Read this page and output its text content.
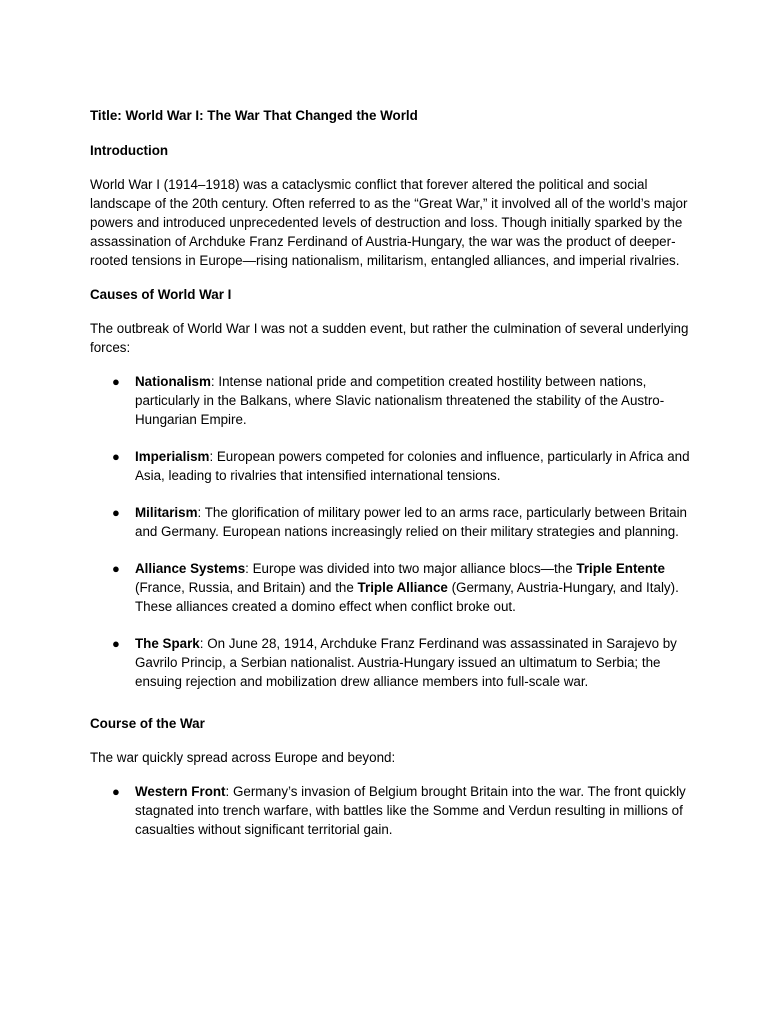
Title: World War I: The War That Changed the World

Introduction

World War I (1914–1918) was a cataclysmic conflict that forever altered the political and social landscape of the 20th century. Often referred to as the “Great War,” it involved all of the world’s major powers and introduced unprecedented levels of destruction and loss. Though initially sparked by the assassination of Archduke Franz Ferdinand of Austria-Hungary, the war was the product of deeper-rooted tensions in Europe—rising nationalism, militarism, entangled alliances, and imperial rivalries.

Causes of World War I

The outbreak of World War I was not a sudden event, but rather the culmination of several underlying forces:

● Nationalism: Intense national pride and competition created hostility between nations, particularly in the Balkans, where Slavic nationalism threatened the stability of the Austro-Hungarian Empire.
● Imperialism: European powers competed for colonies and influence, particularly in Africa and Asia, leading to rivalries that intensified international tensions.
● Militarism: The glorification of military power led to an arms race, particularly between Britain and Germany. European nations increasingly relied on their military strategies and planning.
● Alliance Systems: Europe was divided into two major alliance blocs—the Triple Entente (France, Russia, and Britain) and the Triple Alliance (Germany, Austria-Hungary, and Italy). These alliances created a domino effect when conflict broke out.
● The Spark: On June 28, 1914, Archduke Franz Ferdinand was assassinated in Sarajevo by Gavrilo Princip, a Serbian nationalist. Austria-Hungary issued an ultimatum to Serbia; the ensuing rejection and mobilization drew alliance members into full-scale war.

Course of the War

The war quickly spread across Europe and beyond:

● Western Front: Germany’s invasion of Belgium brought Britain into the war. The front quickly stagnated into trench warfare, with battles like the Somme and Verdun resulting in millions of casualties without significant territorial gain.
